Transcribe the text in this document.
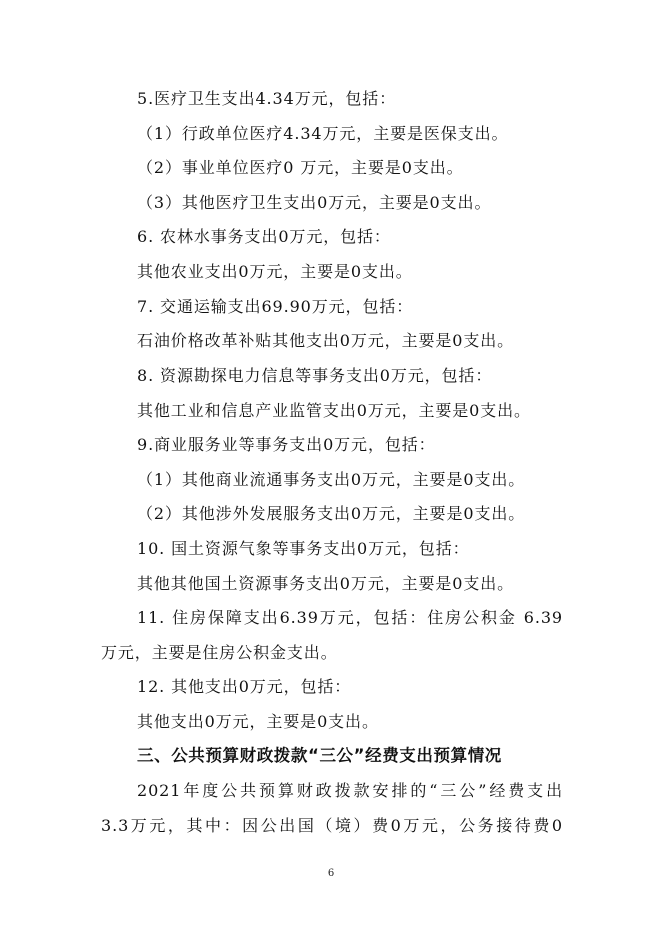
5.医疗卫生支出4.34万元，包括：
（1）行政单位医疗4.34万元，主要是医保支出。
（2）事业单位医疗0 万元，主要是0支出。
（3）其他医疗卫生支出0万元，主要是0支出。
6. 农林水事务支出0万元，包括：
其他农业支出0万元，主要是0支出。
7. 交通运输支出69.90万元，包括：
石油价格改革补贴其他支出0万元，主要是0支出。
8. 资源勘探电力信息等事务支出0万元，包括：
其他工业和信息产业监管支出0万元，主要是0支出。
9.商业服务业等事务支出0万元，包括：
（1）其他商业流通事务支出0万元，主要是0支出。
（2）其他涉外发展服务支出0万元，主要是0支出。
10. 国土资源气象等事务支出0万元，包括：
其他其他国土资源事务支出0万元，主要是0支出。
11. 住房保障支出6.39万元，包括：住房公积金 6.39
万元，主要是住房公积金支出。
12. 其他支出0万元，包括：
其他支出0万元，主要是0支出。
三、公共预算财政拨款“三公”经费支出预算情况
2021年度公共预算财政拨款安排的“三公”经费支出
3.3万元，其中：因公出国（境）费0万元，公务接待费0
6
